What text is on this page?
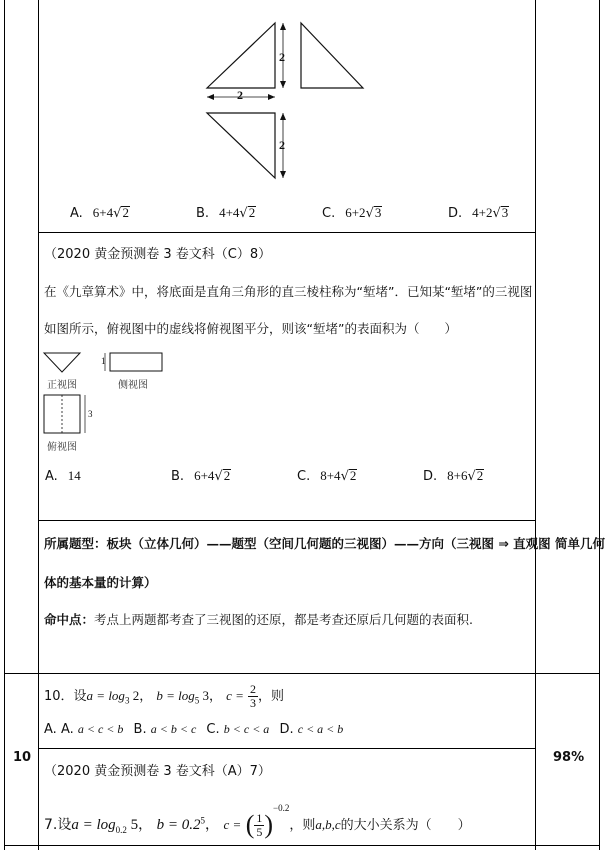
2
2
2
A. 6+4√2	B. 4+4√2	C. 6+2√3	D. 4+2√3
（2020 黄金预测卷 3 卷文科（C）8）
在《九章算术》中，将底面是直角三角形的直三棱柱称为“堑堵”．已知某“堑堵”的三视图
如图所示，俯视图中的虚线将俯视图平分，则该“堑堵”的表面积为（　　）
1
3
正视图	侧视图
俯视图
A. 14	B. 6+4√2	C. 8+4√2	D. 8+6√2
所属题型：板块（立体几何）——题型（空间几何题的三视图）——方向（三视图 ⇒ 直观图 简单几何
体的基本量的计算）
命中点：考点上两题都考查了三视图的还原，都是考查还原后几何题的表面积.
10	98%
10．设$a = \log_3 2$， $b = \log_5 3$， $c = \frac{2}{3}$ ，则
A. A. a < c < b B. a < b < c C. b < c < a D. c < a < b
（2020 黄金预测卷 3 卷文科（A）7）
7.设$a = \log_{0.2} 5$， $b = 0.2^5$， c = ( $\frac{1}{5} )^{-0.2}$，则a,b,c的大小关系为（　　）
